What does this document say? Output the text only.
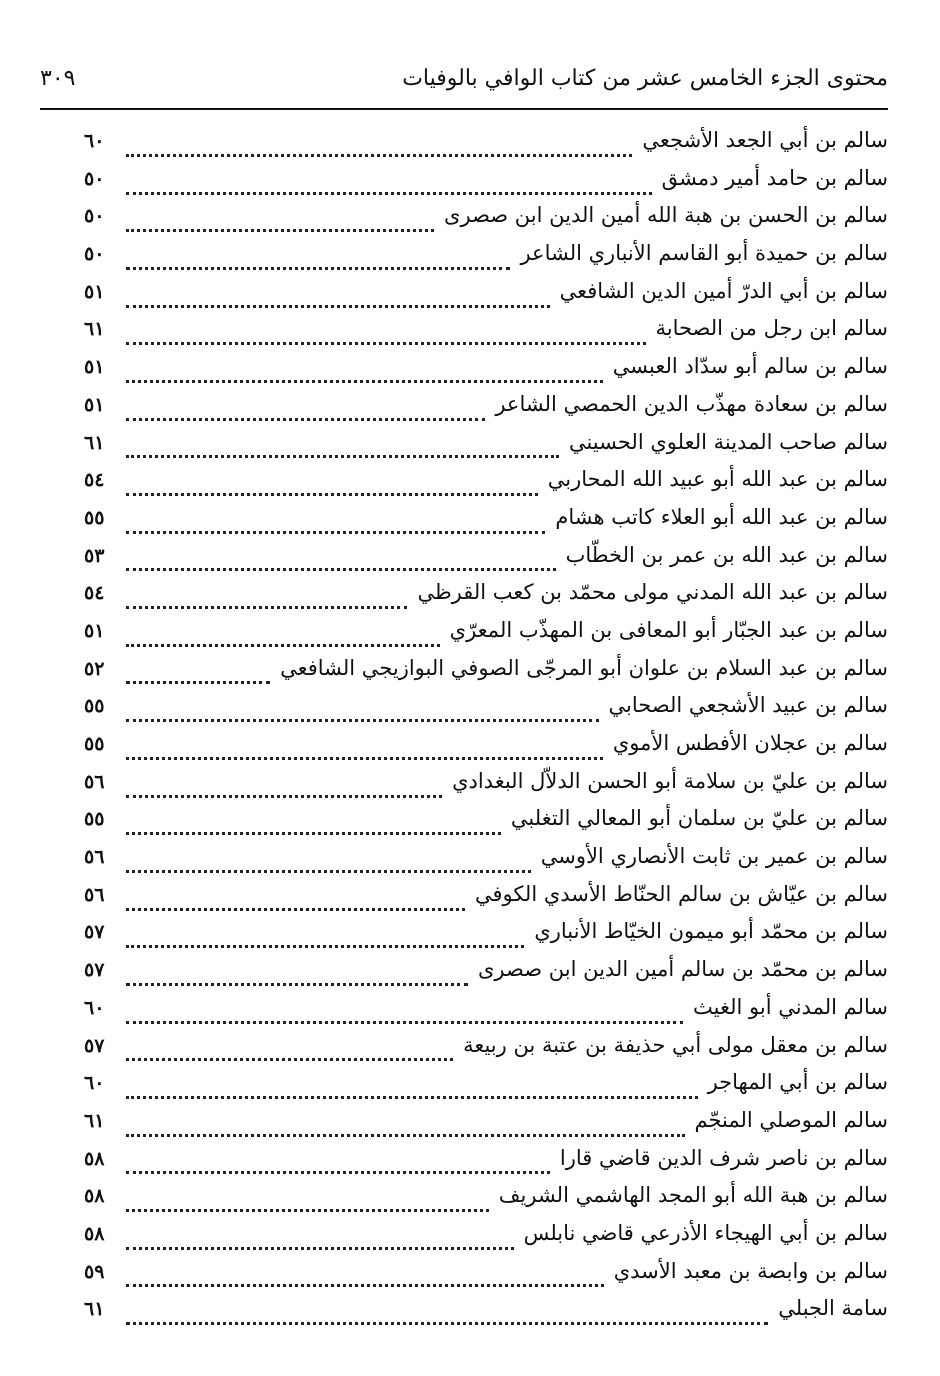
محتوى الجزء الخامس عشر من كتاب الوافي بالوفيات
٣٠٩
سالم بن أبي الجعد الأشجعي
٦٠
سالم بن حامد أمير دمشق
٥٠
سالم بن الحسن بن هبة الله أمين الدين ابن صصرى
٥٠
سالم بن حميدة أبو القاسم الأنباري الشاعر
٥٠
سالم بن أبي الدرّ أمين الدين الشافعي
٥١
سالم ابن رجل من الصحابة
٦١
سالم بن سالم أبو سدّاد العبسي
٥١
سالم بن سعادة مهذّب الدين الحمصي الشاعر
٥١
سالم صاحب المدينة العلوي الحسيني
٦١
سالم بن عبد الله أبو عبيد الله المحاربي
٥٤
سالم بن عبد الله أبو العلاء كاتب هشام
٥٥
سالم بن عبد الله بن عمر بن الخطّاب
٥٣
سالم بن عبد الله المدني مولى محمّد بن كعب القرظي
٥٤
سالم بن عبد الجبّار أبو المعافى بن المهذّب المعرّي
٥١
سالم بن عبد السلام بن علوان أبو المرجّى الصوفي البوازيجي الشافعي
٥٢
سالم بن عبيد الأشجعي الصحابي
٥٥
سالم بن عجلان الأفطس الأموي
٥٥
سالم بن عليّ بن سلامة أبو الحسن الدلاّل البغدادي
٥٦
سالم بن عليّ بن سلمان أبو المعالي التغلبي
٥٥
سالم بن عمير بن ثابت الأنصاري الأوسي
٥٦
سالم بن عيّاش بن سالم الحنّاط الأسدي الكوفي
٥٦
سالم بن محمّد أبو ميمون الخيّاط الأنباري
٥٧
سالم بن محمّد بن سالم أمين الدين ابن صصرى
٥٧
سالم المدني أبو الغيث
٦٠
سالم بن معقل مولى أبي حذيفة بن عتبة بن ربيعة
٥٧
سالم بن أبي المهاجر
٦٠
سالم الموصلي المنجّم
٦١
سالم بن ناصر شرف الدين قاضي قارا
٥٨
سالم بن هبة الله أبو المجد الهاشمي الشريف
٥٨
سالم بن أبي الهيجاء الأذرعي قاضي نابلس
٥٨
سالم بن وابصة بن معبد الأسدي
٥٩
سامة الجبلي
٦١
